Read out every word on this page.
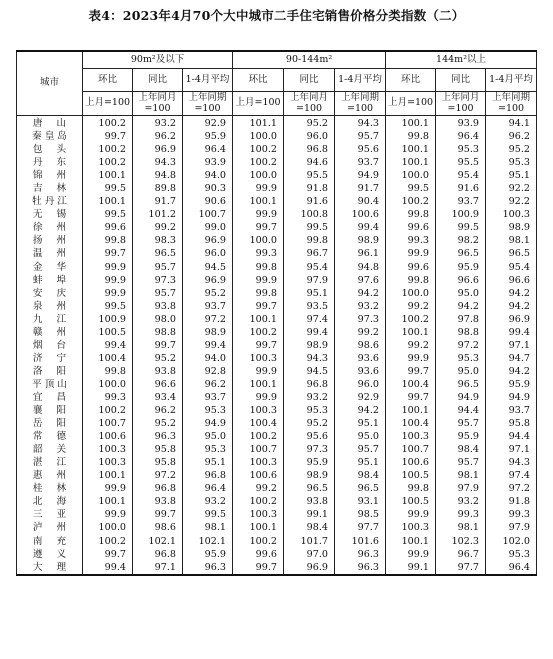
表4：2023年4月70个大中城市二手住宅销售价格分类指数（二）
城市	90m²及以下			90-144m²			144m²以上		
	环比	同比	1-4月平均	环比	同比	1-4月平均	环比	同比	1-4月平均
	上月=100	上年同月=100	上年同期=100	上月=100	上年同月=100	上年同期=100	上月=100	上年同月=100	上年同期=100
唐山	100.2	93.2	92.9	101.1	95.2	94.3	100.1	93.9	94.1
秦皇岛	99.7	96.2	95.9	100.0	96.0	95.7	99.8	96.4	96.2
包头	100.2	96.9	96.4	100.2	96.8	95.6	100.1	95.3	95.2
丹东	100.2	94.3	93.9	100.2	94.6	93.7	100.1	95.5	95.3
锦州	100.1	94.8	94.0	100.0	95.5	94.9	100.0	95.4	95.1
吉林	99.5	89.8	90.3	99.9	91.8	91.7	99.5	91.6	92.2
牡丹江	100.1	91.7	90.6	100.1	91.6	90.4	100.2	93.7	92.2
无锡	99.5	101.2	100.7	99.9	100.8	100.6	99.8	100.9	100.3
徐州	99.6	99.2	99.0	99.7	99.5	99.4	99.6	99.5	98.9
扬州	99.8	98.3	96.9	100.0	99.8	98.9	99.3	98.2	98.1
温州	99.7	96.5	96.0	99.3	96.7	96.1	99.9	96.5	96.5
金华	99.9	95.7	94.5	99.8	95.4	94.8	99.6	95.9	95.4
蚌埠	99.9	97.3	96.9	99.9	97.9	97.6	99.8	96.6	96.6
安庆	99.9	95.7	95.2	99.8	95.1	94.2	100.0	95.0	94.2
泉州	99.5	93.8	93.7	99.7	93.5	93.2	99.2	94.2	94.2
九江	100.9	98.0	97.2	100.1	97.4	97.3	100.2	97.8	96.9
赣州	100.5	98.8	98.9	100.2	99.4	99.2	100.1	98.8	99.4
烟台	99.4	99.7	99.4	99.7	98.9	98.6	99.2	97.2	97.1
济宁	100.4	95.2	94.0	100.3	94.3	93.6	99.9	95.3	94.7
洛阳	99.8	93.8	92.8	99.9	94.5	93.6	99.7	95.0	94.2
平顶山	100.0	96.6	96.2	100.1	96.8	96.0	100.4	96.5	95.9
宜昌	99.3	93.4	93.7	99.9	93.2	92.9	99.7	94.9	94.9
襄阳	100.2	96.2	95.3	100.3	95.3	94.2	100.1	94.4	93.7
岳阳	100.7	95.2	94.9	100.4	95.2	95.1	100.4	95.7	95.8
常德	100.6	96.3	95.0	100.2	95.6	95.0	100.3	95.9	94.4
韶关	100.3	95.8	95.3	100.7	97.3	95.7	100.7	98.4	97.1
湛江	100.3	95.8	95.1	100.3	95.9	95.1	100.6	95.7	94.3
惠州	100.1	97.2	96.8	100.6	98.9	98.4	100.5	98.1	97.4
桂林	99.9	96.8	96.4	99.2	96.5	96.5	99.8	97.9	97.2
北海	100.1	93.8	93.2	100.2	93.8	93.1	100.5	93.2	91.8
三亚	99.9	99.7	99.5	100.3	99.1	98.5	99.9	99.3	99.3
泸州	100.0	98.6	98.1	100.1	98.4	97.7	100.3	98.1	97.9
南充	100.2	102.1	102.1	100.2	101.7	101.6	100.1	102.3	102.0
遵义	99.7	96.8	95.9	99.6	97.0	96.3	99.9	96.7	95.3
大理	99.4	97.1	96.3	99.7	96.9	96.3	99.1	97.7	96.4
